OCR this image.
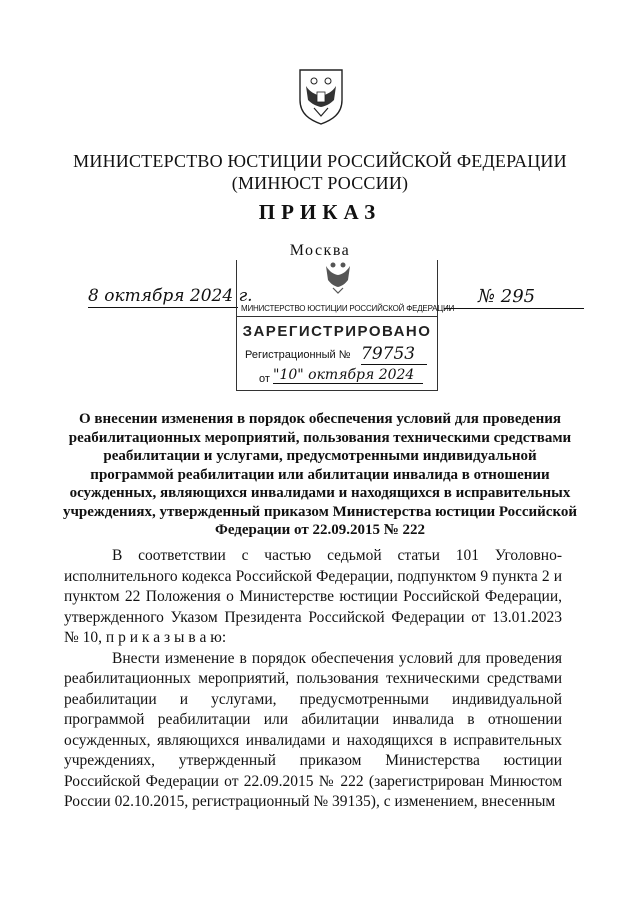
МИНИСТЕРСТВО ЮСТИЦИИ РОССИЙСКОЙ ФЕДЕРАЦИИ
(МИНЮСТ РОССИИ)
ПРИКАЗ
Москва
8 октября 2024 г.	№ 295
МИНИСТЕРСТВО ЮСТИЦИИ РОССИЙСКОЙ ФЕДЕРАЦИИ
ЗАРЕГИСТРИРОВАНО
Регистрационный № 79753
от "10" октября 2024
О внесении изменения в порядок обеспечения условий для проведения реабилитационных мероприятий, пользования техническими средствами реабилитации и услугами, предусмотренными индивидуальной программой реабилитации или абилитации инвалида в отношении осужденных, являющихся инвалидами и находящихся в исправительных учреждениях, утвержденный приказом Министерства юстиции Российской Федерации от 22.09.2015 № 222

В соответствии с частью седьмой статьи 101 Уголовно-исполнительного кодекса Российской Федерации, подпунктом 9 пункта 2 и пунктом 22 Положения о Министерстве юстиции Российской Федерации, утвержденного Указом Президента Российской Федерации от 13.01.2023 № 10, п р и к а з ы в а ю:

Внести изменение в порядок обеспечения условий для проведения реабилитационных мероприятий, пользования техническими средствами реабилитации и услугами, предусмотренными индивидуальной программой реабилитации или абилитации инвалида в отношении осужденных, являющихся инвалидами и находящихся в исправительных учреждениях, утвержденный приказом Министерства юстиции Российской Федерации от 22.09.2015 № 222 (зарегистрирован Минюстом России 02.10.2015, регистрационный № 39135), с изменением, внесенным
